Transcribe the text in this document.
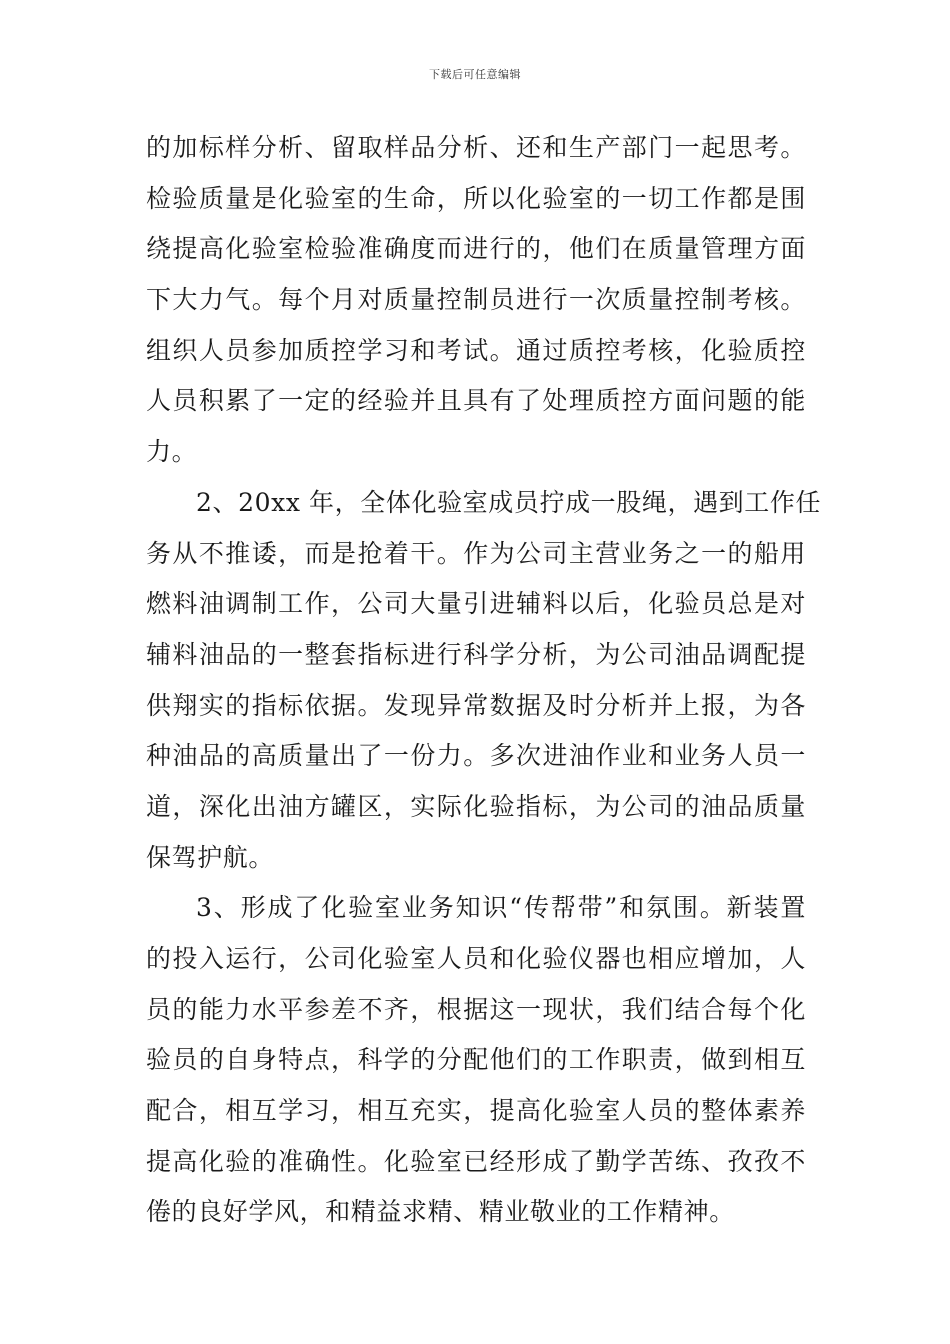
下载后可任意编辑
的加标样分析、留取样品分析、还和生产部门一起思考。
检验质量是化验室的生命，所以化验室的一切工作都是围
绕提高化验室检验准确度而进行的，他们在质量管理方面
下大力气。每个月对质量控制员进行一次质量控制考核。
组织人员参加质控学习和考试。通过质控考核，化验质控
人员积累了一定的经验并且具有了处理质控方面问题的能
力。
2、20xx 年，全体化验室成员拧成一股绳，遇到工作任
务从不推诿，而是抢着干。作为公司主营业务之一的船用
燃料油调制工作，公司大量引进辅料以后，化验员总是对
辅料油品的一整套指标进行科学分析，为公司油品调配提
供翔实的指标依据。发现异常数据及时分析并上报，为各
种油品的高质量出了一份力。多次进油作业和业务人员一
道，深化出油方罐区，实际化验指标，为公司的油品质量
保驾护航。
3、形成了化验室业务知识“传帮带”和氛围。新装置
的投入运行，公司化验室人员和化验仪器也相应增加，人
员的能力水平参差不齐，根据这一现状，我们结合每个化
验员的自身特点，科学的分配他们的工作职责，做到相互
配合，相互学习，相互充实，提高化验室人员的整体素养
提高化验的准确性。化验室已经形成了勤学苦练、孜孜不
倦的良好学风，和精益求精、精业敬业的工作精神。
